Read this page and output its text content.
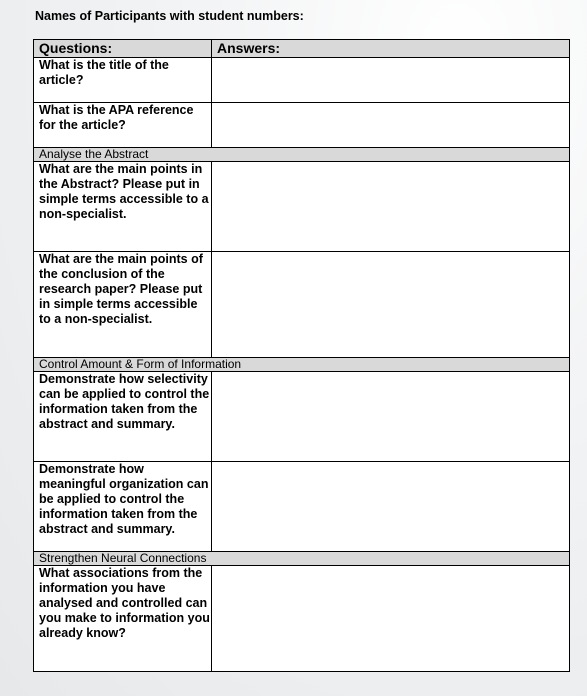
Names of Participants with student numbers:
Questions:	Answers:
What is the title of the article?	
What is the APA reference for the article?	
Analyse the Abstract	
What are the main points in the Abstract? Please put in simple terms accessible to a non-specialist.	
What are the main points of the conclusion of the research paper? Please put in simple terms accessible to a non-specialist.	
Control Amount & Form of Information	
Demonstrate how selectivity can be applied to control the information taken from the abstract and summary.	
Demonstrate how meaningful organization can be applied to control the information taken from the abstract and summary.	
Strengthen Neural Connections	
What associations from the information you have analysed and controlled can you make to information you already know?	
